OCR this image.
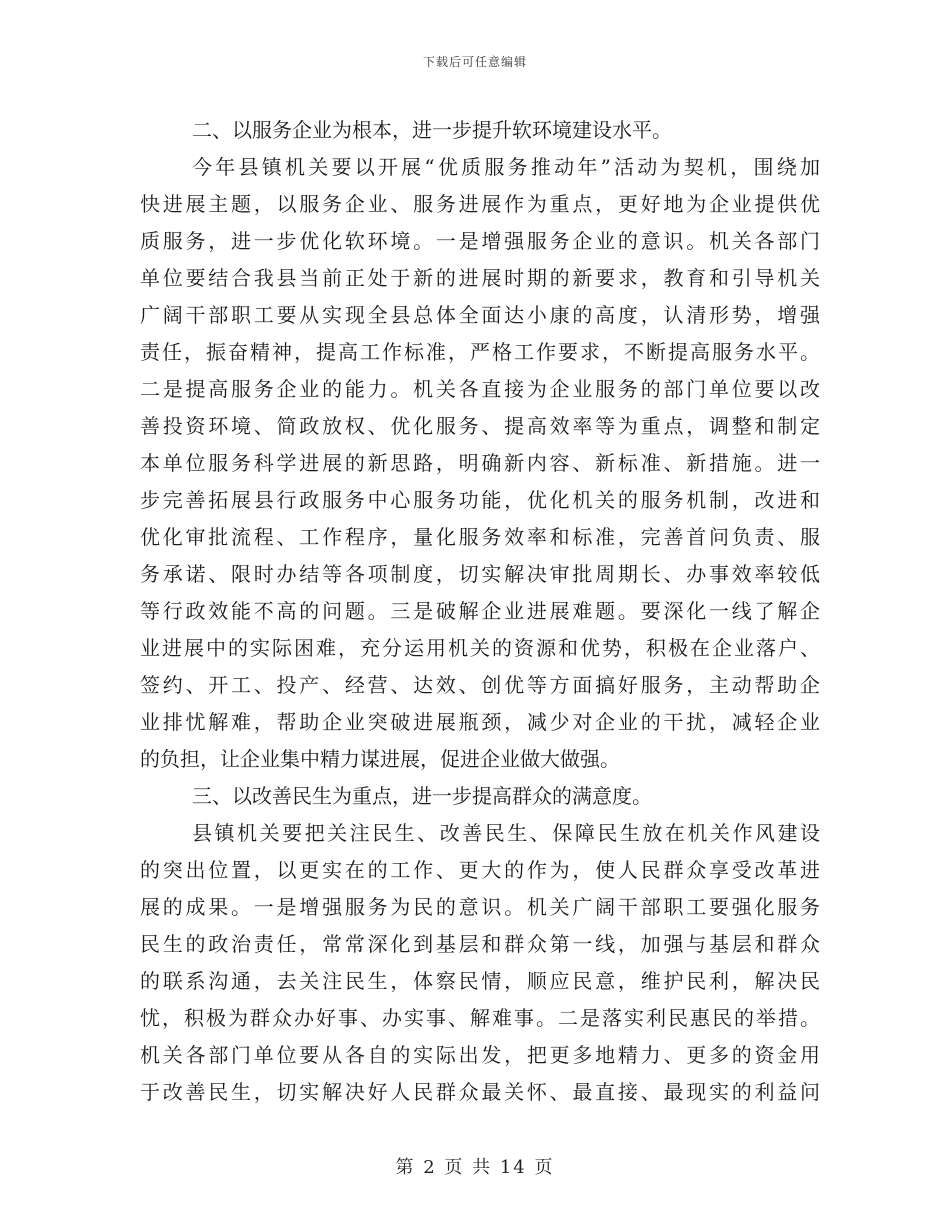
下载后可任意编辑
二、以服务企业为根本，进一步提升软环境建设水平。
今年县镇机关要以开展“优质服务推动年”活动为契机，围绕加
快进展主题，以服务企业、服务进展作为重点，更好地为企业提供优
质服务，进一步优化软环境。一是增强服务企业的意识。机关各部门
单位要结合我县当前正处于新的进展时期的新要求，教育和引导机关
广阔干部职工要从实现全县总体全面达小康的高度，认清形势，增强
责任，振奋精神，提高工作标准，严格工作要求，不断提高服务水平。
二是提高服务企业的能力。机关各直接为企业服务的部门单位要以改
善投资环境、简政放权、优化服务、提高效率等为重点，调整和制定
本单位服务科学进展的新思路，明确新内容、新标准、新措施。进一
步完善拓展县行政服务中心服务功能，优化机关的服务机制，改进和
优化审批流程、工作程序，量化服务效率和标准，完善首问负责、服
务承诺、限时办结等各项制度，切实解决审批周期长、办事效率较低
等行政效能不高的问题。三是破解企业进展难题。要深化一线了解企
业进展中的实际困难，充分运用机关的资源和优势，积极在企业落户、
签约、开工、投产、经营、达效、创优等方面搞好服务，主动帮助企
业排忧解难，帮助企业突破进展瓶颈，减少对企业的干扰，减轻企业
的负担，让企业集中精力谋进展，促进企业做大做强。
三、以改善民生为重点，进一步提高群众的满意度。
县镇机关要把关注民生、改善民生、保障民生放在机关作风建设
的突出位置，以更实在的工作、更大的作为，使人民群众享受改革进
展的成果。一是增强服务为民的意识。机关广阔干部职工要强化服务
民生的政治责任，常常深化到基层和群众第一线，加强与基层和群众
的联系沟通，去关注民生，体察民情，顺应民意，维护民利，解决民
忧，积极为群众办好事、办实事、解难事。二是落实利民惠民的举措。
机关各部门单位要从各自的实际出发，把更多地精力、更多的资金用
于改善民生，切实解决好人民群众最关怀、最直接、最现实的利益问
第 2 页 共 14 页
